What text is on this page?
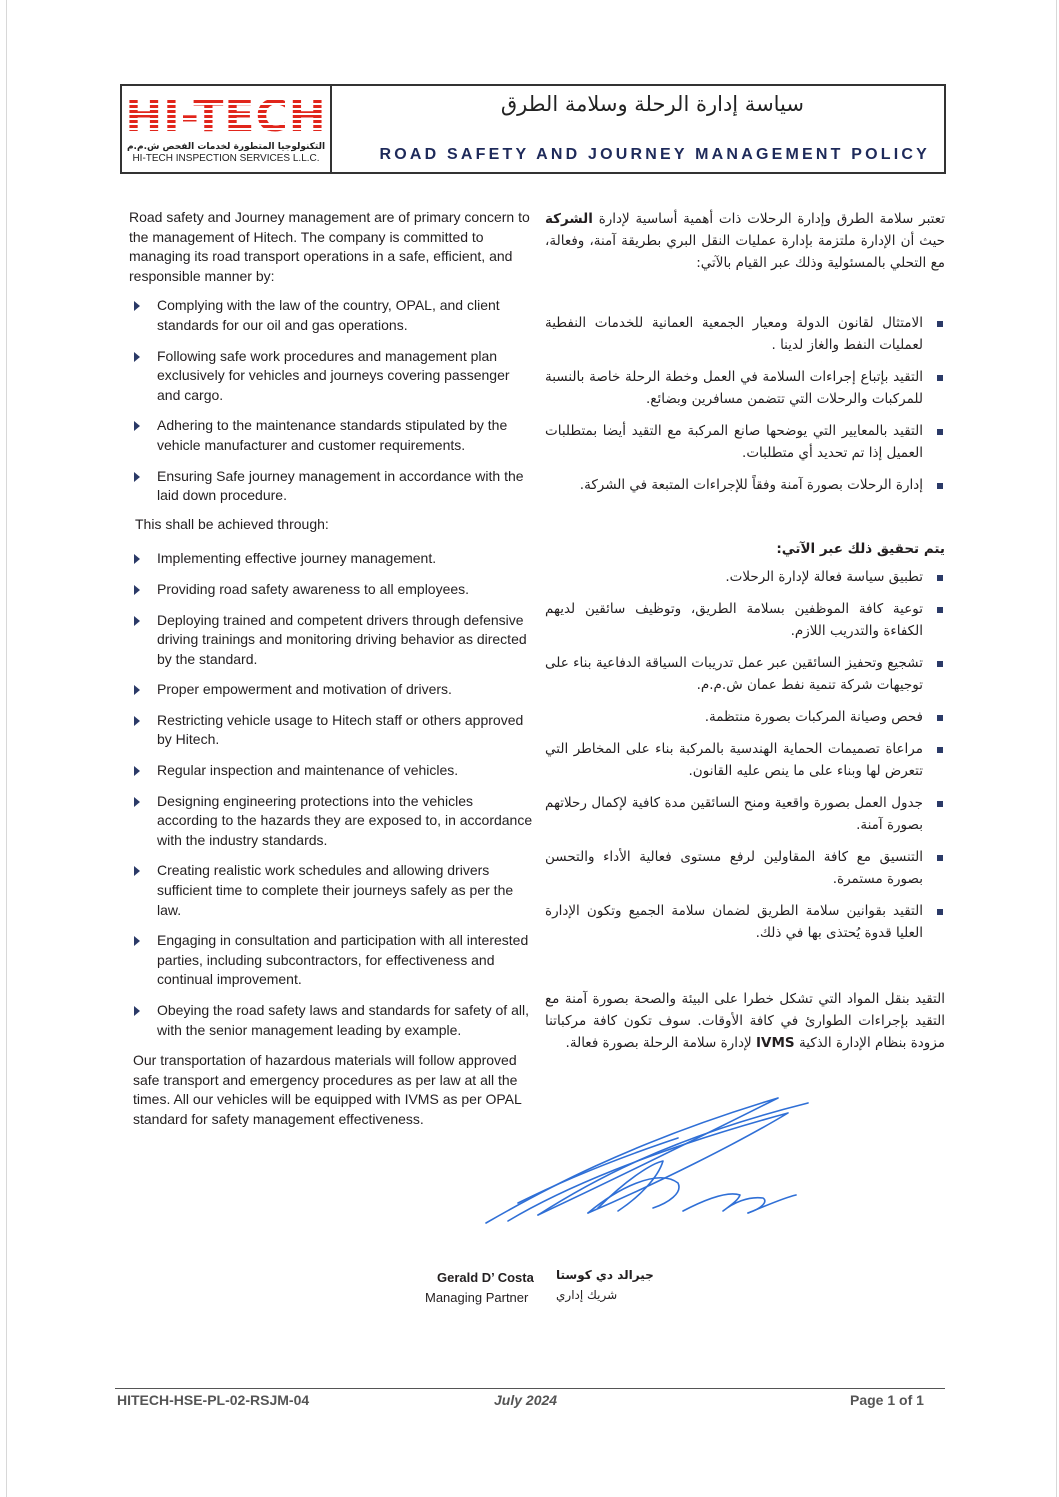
HI-TECH
التكنولوجيا المتطورة لخدمات الفحص ش.م.م
HI-TECH INSPECTION SERVICES L.L.C.
سياسة إدارة الرحلة وسلامة الطرق
ROAD SAFETY AND JOURNEY MANAGEMENT POLICY

Road safety and Journey management are of primary concern to the management of Hitech. The company is committed to managing its road transport operations in a safe, efficient, and responsible manner by:

Complying with the law of the country, OPAL, and client standards for our oil and gas operations.

Following safe work procedures and management plan exclusively for vehicles and journeys covering passenger and cargo.

Adhering to the maintenance standards stipulated by the vehicle manufacturer and customer requirements.

Ensuring Safe journey management in accordance with the laid down procedure.

This shall be achieved through:

Implementing effective journey management.

Providing road safety awareness to all employees.

Deploying trained and competent drivers through defensive driving trainings and monitoring driving behavior as directed by the standard.

Proper empowerment and motivation of drivers.

Restricting vehicle usage to Hitech staff or others approved by Hitech.

Regular inspection and maintenance of vehicles.

Designing engineering protections into the vehicles according to the hazards they are exposed to, in accordance with the industry standards.

Creating realistic work schedules and allowing drivers sufficient time to complete their journeys safely as per the law.

Engaging in consultation and participation with all interested parties, including subcontractors, for effectiveness and continual improvement.

Obeying the road safety laws and standards for safety of all, with the senior management leading by example.

Our transportation of hazardous materials will follow approved safe transport and emergency procedures as per law at all the times. All our vehicles will be equipped with IVMS as per OPAL standard for safety management effectiveness.

تعتبر سلامة الطرق وإدارة الرحلات ذات أهمية أساسية لإدارة الشركة حيث أن الإدارة ملتزمة بإدارة عمليات النقل البري بطريقة آمنة، وفعالة، مع التحلي بالمسئولية وذلك عبر القيام بالآتي:

الامتثال لقانون الدولة ومعيار الجمعية العمانية للخدمات النفطية لعمليات النفط والغاز لدينا .

التقيد بإتباع إجراءات السلامة في العمل وخطة الرحلة خاصة بالنسبة للمركبات والرحلات التي تتضمن مسافرين وبضائع.

التقيد بالمعايير التي يوضحها صانع المركبة مع التقيد أيضا بمتطلبات العميل إذا تم تحديد أي متطلبات.

إدارة الرحلات بصورة آمنة وفقاً للإجراءات المتبعة في الشركة.

يتم تحقيق ذلك عبر الآتي:

تطبيق سياسة فعالة لإدارة الرحلات.

توعية كافة الموظفين بسلامة الطريق، وتوظيف سائقين لديهم الكفاءة والتدريب اللازم.

تشجيع وتحفيز السائقين عبر عمل تدريبات السياقة الدفاعية بناء على توجيهات شركة تنمية نفط عمان ش.م.م.

فحص وصيانة المركبات بصورة منتظمة.

مراعاة تصميمات الحماية الهندسية بالمركبة بناء على المخاطر التي تتعرض لها وبناء على ما ينص عليه القانون.

جدول العمل بصورة واقعية ومنح السائقين مدة كافية لإكمال رحلاتهم بصورة آمنة.

التنسيق مع كافة المقاولين لرفع مستوى فعالية الأداء والتحسن بصورة مستمرة.

التقيد بقوانين سلامة الطريق لضمان سلامة الجميع وتكون الإدارة العليا قدوة يُحتذى بها في ذلك.

التقيد بنقل المواد التي تشكل خطرا على البيئة والصحة بصورة آمنة مع التقيد بإجراءات الطوارئ في كافة الأوقات. سوف تكون كافة مركباتنا مزودة بنظام الإدارة الذكية IVMS لإدارة سلامة الرحلة بصورة فعالة.

Gerald D’ Costa
Managing Partner
جيرالد دي كوستا
شريك إداري
HITECH-HSE-PL-02-RSJM-04	July 2024	Page 1 of 1
